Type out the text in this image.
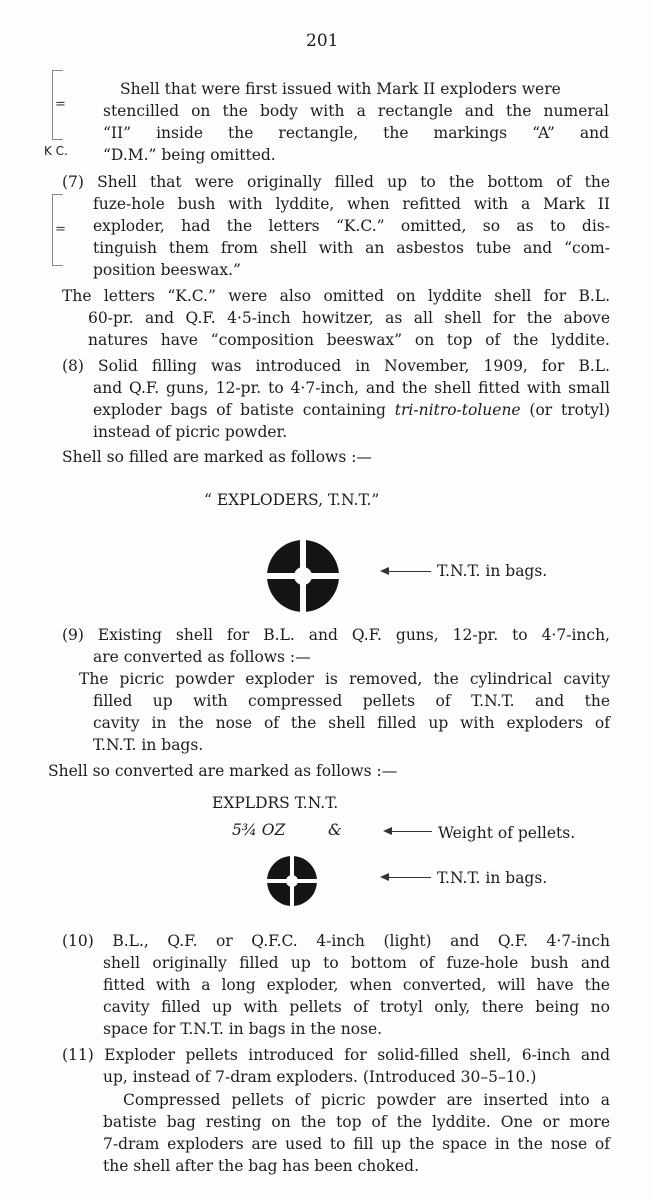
201
=
K C.
=
Shell that were first issued with Mark II exploders were
stencilled on the body with a rectangle and the numeral
“II” inside the rectangle, the markings “A” and
“D.M.” being omitted.
(7) Shell that were originally filled up to the bottom of the
fuze-hole bush with lyddite, when refitted with a Mark II
exploder, had the letters “K.C.” omitted, so as to dis-
tinguish them from shell with an asbestos tube and “com-
position beeswax.”
The letters “K.C.” were also omitted on lyddite shell for B.L.
60-pr. and Q.F. 4·5-inch howitzer, as all shell for the above
natures have “composition beeswax” on top of the lyddite.
(8) Solid filling was introduced in November, 1909, for B.L.
and Q.F. guns, 12-pr. to 4·7-inch, and the shell fitted with small
exploder bags of batiste containing tri-nitro-toluene (or trotyl)
instead of picric powder.
Shell so filled are marked as follows :—
“ EXPLODERS, T.N.T.”
T.N.T. in bags.
(9) Existing shell for B.L. and Q.F. guns, 12-pr. to 4·7-inch,
are converted as follows :—
The picric powder exploder is removed, the cylindrical cavity
filled up with compressed pellets of T.N.T. and the
cavity in the nose of the shell filled up with exploders of
T.N.T. in bags.
Shell so converted are marked as follows :—
EXPLDRS T.N.T.
5¾ OZ	&	Weight of pellets.
T.N.T. in bags.
(10) B.L., Q.F. or Q.F.C. 4-inch (light) and Q.F. 4·7-inch
shell originally filled up to bottom of fuze-hole bush and
fitted with a long exploder, when converted, will have the
cavity filled up with pellets of trotyl only, there being no
space for T.N.T. in bags in the nose.
(11) Exploder pellets introduced for solid-filled shell, 6-inch and
up, instead of 7-dram exploders. (Introduced 30–5–10.)
Compressed pellets of picric powder are inserted into a
batiste bag resting on the top of the lyddite. One or more
7-dram exploders are used to fill up the space in the nose of
the shell after the bag has been choked.
